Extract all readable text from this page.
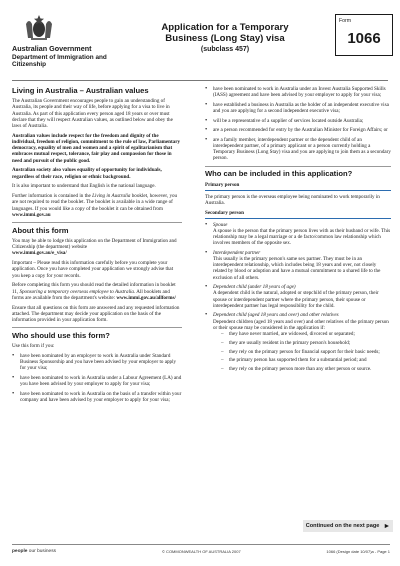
Australian Government
Department of Immigration and Citizenship
Application for a Temporary Business (Long Stay) visa
(subclass 457)
Form
1066
Living in Australia – Australian values

The Australian Government encourages people to gain an understanding of Australia, its people and their way of life, before applying for a visa to live in Australia. As part of this application every person aged 18 years or over must declare that they will respect Australian values, as outlined below and obey the laws of Australia.

Australian values include respect for the freedom and dignity of the individual, freedom of religion, commitment to the rule of law, Parliamentary democracy, equality of men and women and a spirit of egalitarianism that embraces mutual respect, tolerance, fair play and compassion for those in need and pursuit of the public good.

Australian society also values equality of opportunity for individuals, regardless of their race, religion or ethnic background.

It is also important to understand that English is the national language.

Further information is contained in the Living in Australia booklet, however, you are not required to read the booklet. The booklet is available in a wide range of languages. If you would like a copy of the booklet it can be obtained from www.immi.gov.au

About this form

You may be able to lodge this application on the Department of Immigration and Citizenship (the department) website
www.immi.gov.au/e_visa/

Important – Please read this information carefully before you complete your application. Once you have completed your application we strongly advise that you keep a copy for your records.

Before completing this form you should read the detailed information in booklet 11, Sponsoring a temporary overseas employee to Australia. All booklets and forms are available from the department's website: www.immi.gov.au/allforms/

Ensure that all questions on this form are answered and any requested information attached. The department may decide your application on the basis of the information provided in your application form.

Who should use this form?

Use this form if you:

• have been nominated by an employer to work in Australia under Standard Business Sponsorship and you have been advised by your employer to apply for your visa;
• have been nominated to work in Australia under a Labour Agreement (LA) and you have been advised by your employer to apply for your visa;
• have been nominated to work in Australia on the basis of a transfer within your company and have been advised by your employer to apply for your visa;
• have been nominated to work in Australia under an Invest Australia Supported Skills (IASS) agreement and have been advised by your employer to apply for your visa;
• have established a business in Australia as the holder of an independent executive visa and you are applying for a second independent executive visa;
• will be a representative of a supplier of services located outside Australia;
• are a person recommended for entry by the Australian Minister for Foreign Affairs; or
• are a family member, interdependent partner or the dependent child of an interdependent partner, of a primary applicant or a person currently holding a Temporary Business (Long Stay) visa and you are applying to join them as a secondary person.
Who can be included in this application?
Primary person

The primary person is the overseas employee being nominated to work temporarily in Australia.

Secondary person
• Spouse
A spouse is the person that the primary person lives with as their husband or wife. This relationship may be a legal marriage or a de facto/common law relationship which involves members of the opposite sex.
• Interdependent partner
This usually is the primary person's same sex partner. They must be in an interdependent relationship, which includes being 18 years and over, not closely related by blood or adoption and have a mutual commitment to a shared life to the exclusion of all others.
• Dependent child (under 18 years of age)
A dependent child is the natural, adopted or stepchild of the primary person, their spouse or interdependent partner where the primary person, their spouse or interdependent partner has legal responsibility for the child.
• Dependent child (aged 18 years and over) and other relatives
Dependent children (aged 18 years and over) and other relatives of the primary person or their spouse may be considered in the application if:
– they have never married, are widowed, divorced or separated;
– they are usually resident in the primary person's household;
– they rely on the primary person for financial support for their basic needs;
– the primary person has supported them for a substantial period; and
– they rely on the primary person more than any other person or source.
Continued on the next page ►
people our business	© COMMONWEALTH OF AUSTRALIA 2007	1066 (Design date 10/07)a - Page 1
